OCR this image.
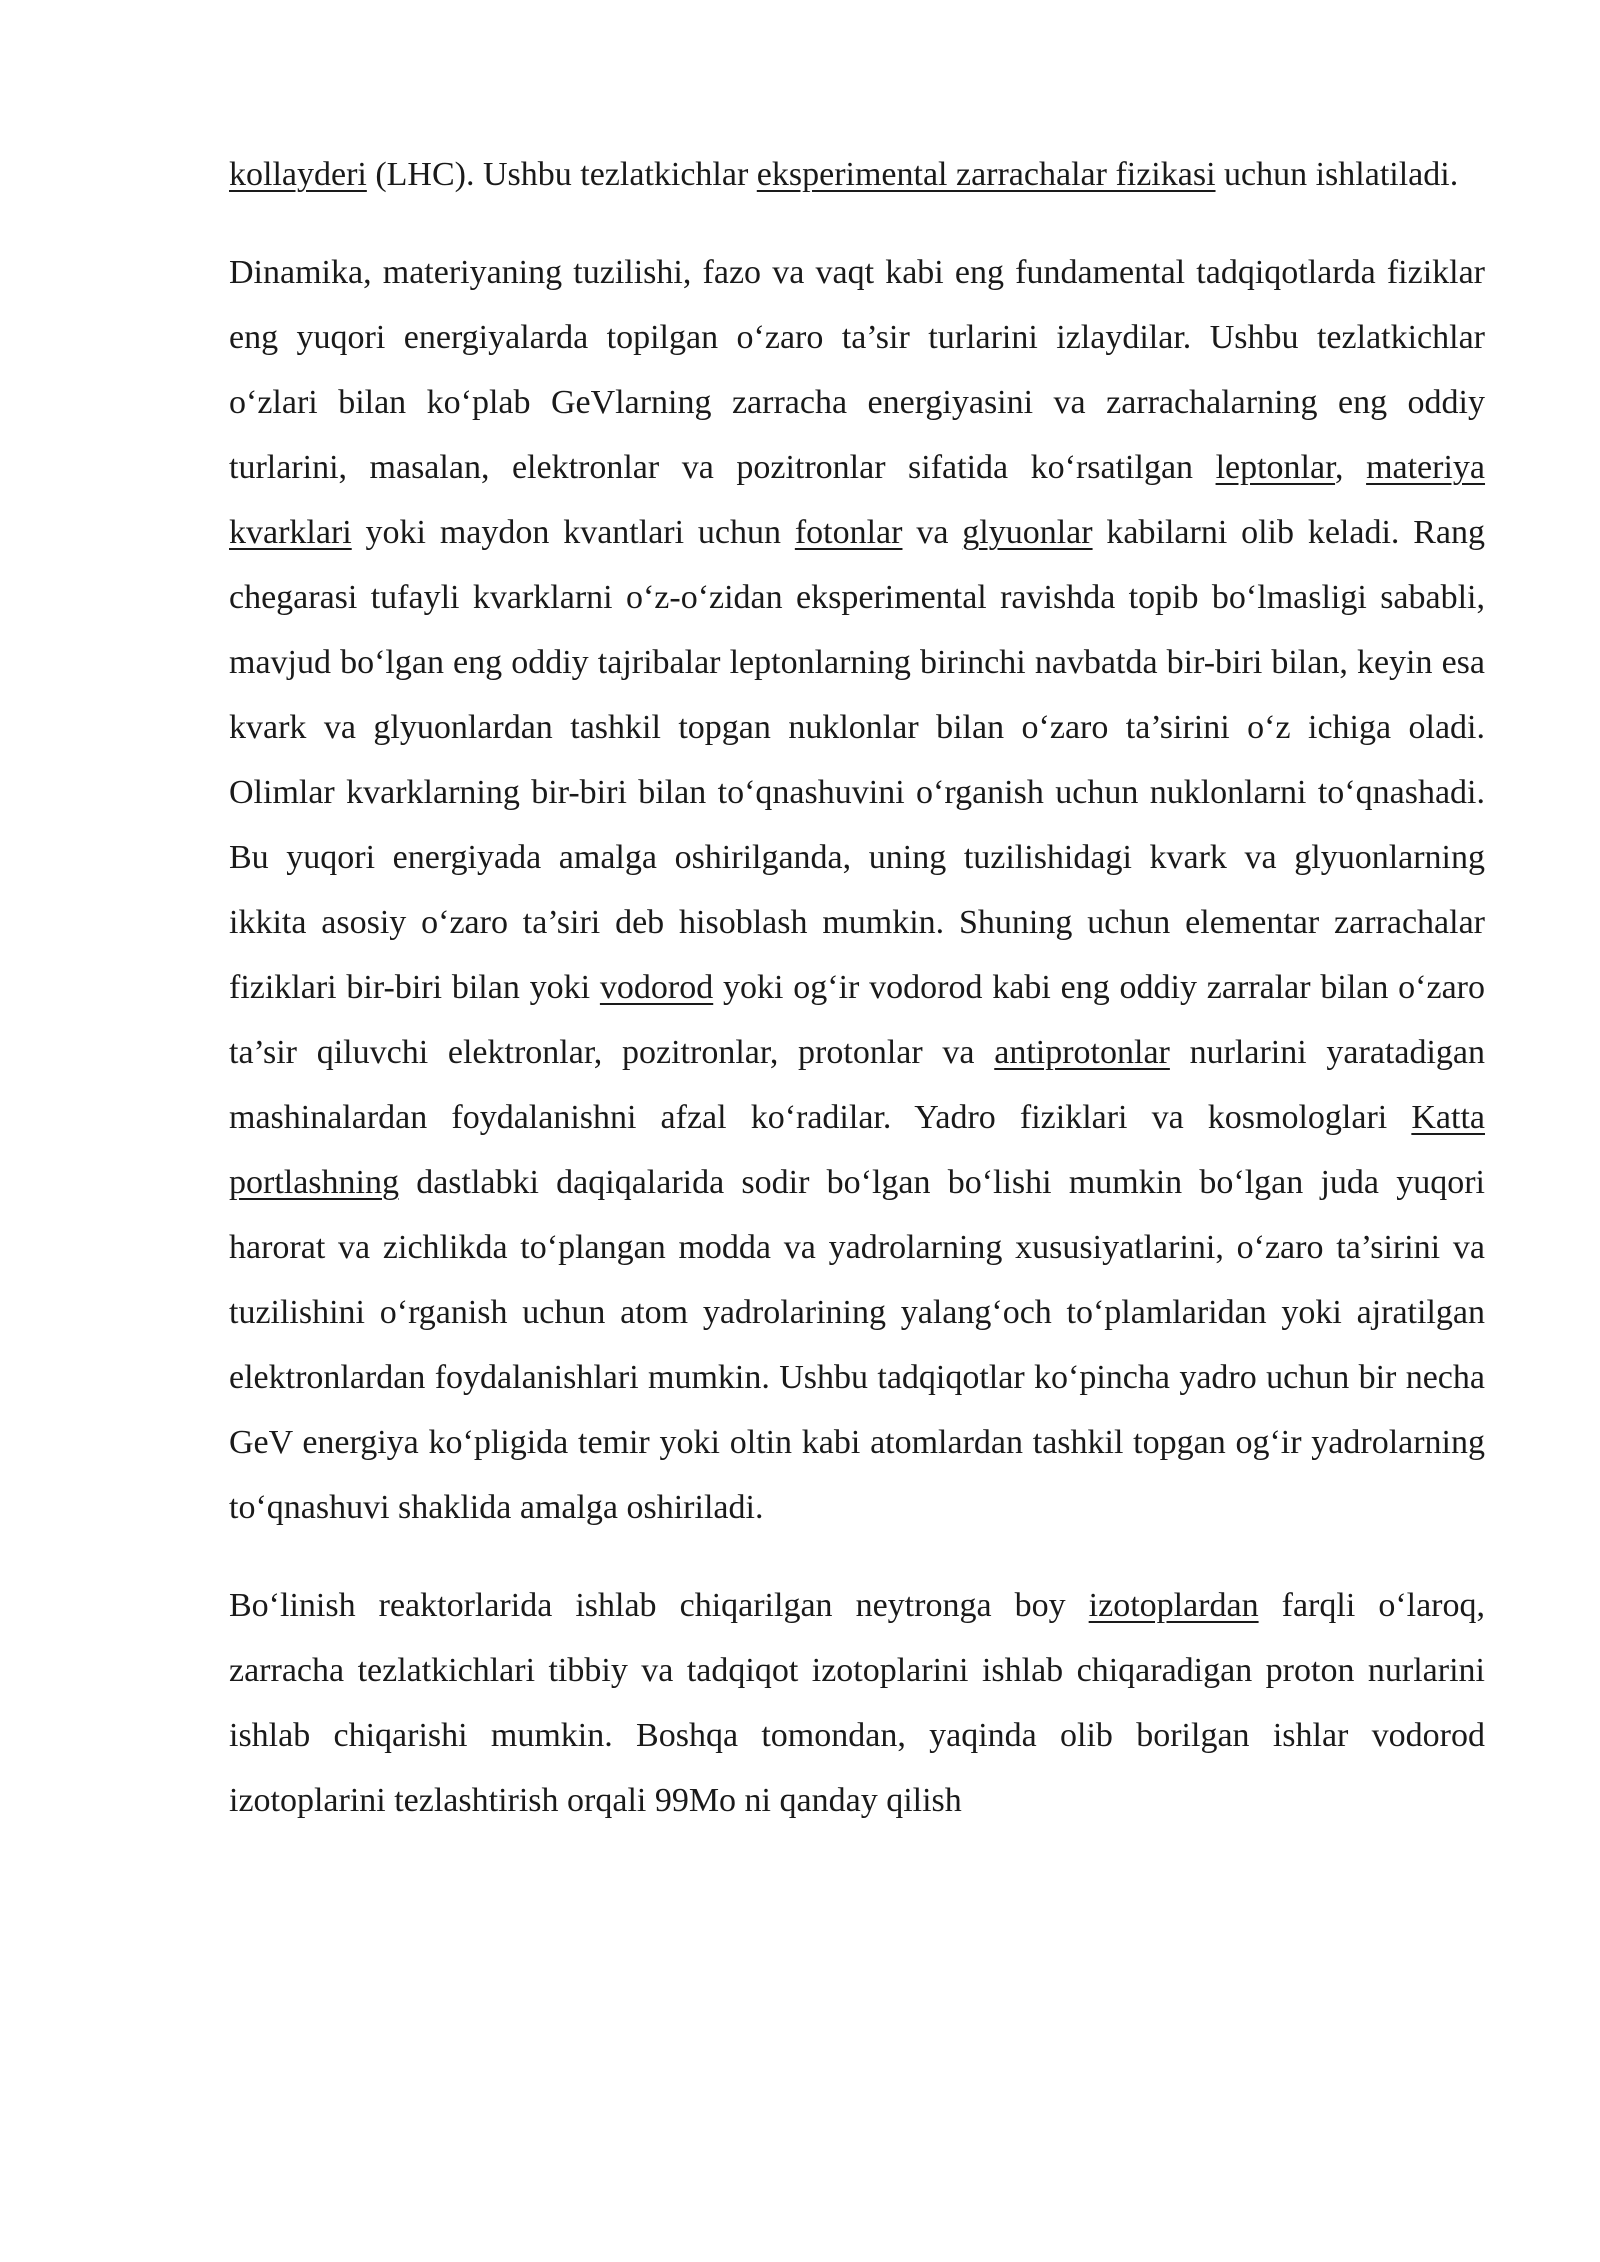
kollayderi (LHC). Ushbu tezlatkichlar eksperimental zarrachalar fizikasi uchun ishlatiladi.

Dinamika, materiyaning tuzilishi, fazo va vaqt kabi eng fundamental tadqiqotlarda fiziklar eng yuqori energiyalarda topilgan o‘zaro ta’sir turlarini izlaydilar. Ushbu tezlatkichlar o‘zlari bilan ko‘plab GeVlarning zarracha energiyasini va zarrachalarning eng oddiy turlarini, masalan, elektronlar va pozitronlar sifatida ko‘rsatilgan leptonlar, materiya kvarklari yoki maydon kvantlari uchun fotonlar va glyuonlar kabilarni olib keladi. Rang chegarasi tufayli kvarklarni o‘z-o‘zidan eksperimental ravishda topib bo‘lmasligi sababli, mavjud bo‘lgan eng oddiy tajribalar leptonlarning birinchi navbatda bir-biri bilan, keyin esa kvark va glyuonlardan tashkil topgan nuklonlar bilan o‘zaro ta’sirini o‘z ichiga oladi. Olimlar kvarklarning bir-biri bilan to‘qnashuvini o‘rganish uchun nuklonlarni to‘qnashadi. Bu yuqori energiyada amalga oshirilganda, uning tuzilishidagi kvark va glyuonlarning ikkita asosiy o‘zaro ta’siri deb hisoblash mumkin. Shuning uchun elementar zarrachalar fiziklari bir-biri bilan yoki vodorod yoki og‘ir vodorod kabi eng oddiy zarralar bilan o‘zaro ta’sir qiluvchi elektronlar, pozitronlar, protonlar va antiprotonlar nurlarini yaratadigan mashinalardan foydalanishni afzal ko‘radilar. Yadro fiziklari va kosmologlari Katta portlashning dastlabki daqiqalarida sodir bo‘lgan bo‘lishi mumkin bo‘lgan juda yuqori harorat va zichlikda to‘plangan modda va yadrolarning xususiyatlarini, o‘zaro ta’sirini va tuzilishini o‘rganish uchun atom yadrolarining yalang‘och to‘plamlaridan yoki ajratilgan elektronlardan foydalanishlari mumkin. Ushbu tadqiqotlar ko‘pincha yadro uchun bir necha GeV energiya ko‘pligida temir yoki oltin kabi atomlardan tashkil topgan og‘ir yadrolarning to‘qnashuvi shaklida amalga oshiriladi.

Bo‘linish reaktorlarida ishlab chiqarilgan neytronga boy izotoplardan farqli o‘laroq, zarracha tezlatkichlari tibbiy va tadqiqot izotoplarini ishlab chiqaradigan proton nurlarini ishlab chiqarishi mumkin. Boshqa tomondan, yaqinda olib borilgan ishlar vodorod izotoplarini tezlashtirish orqali 99Mo ni qanday qilish
